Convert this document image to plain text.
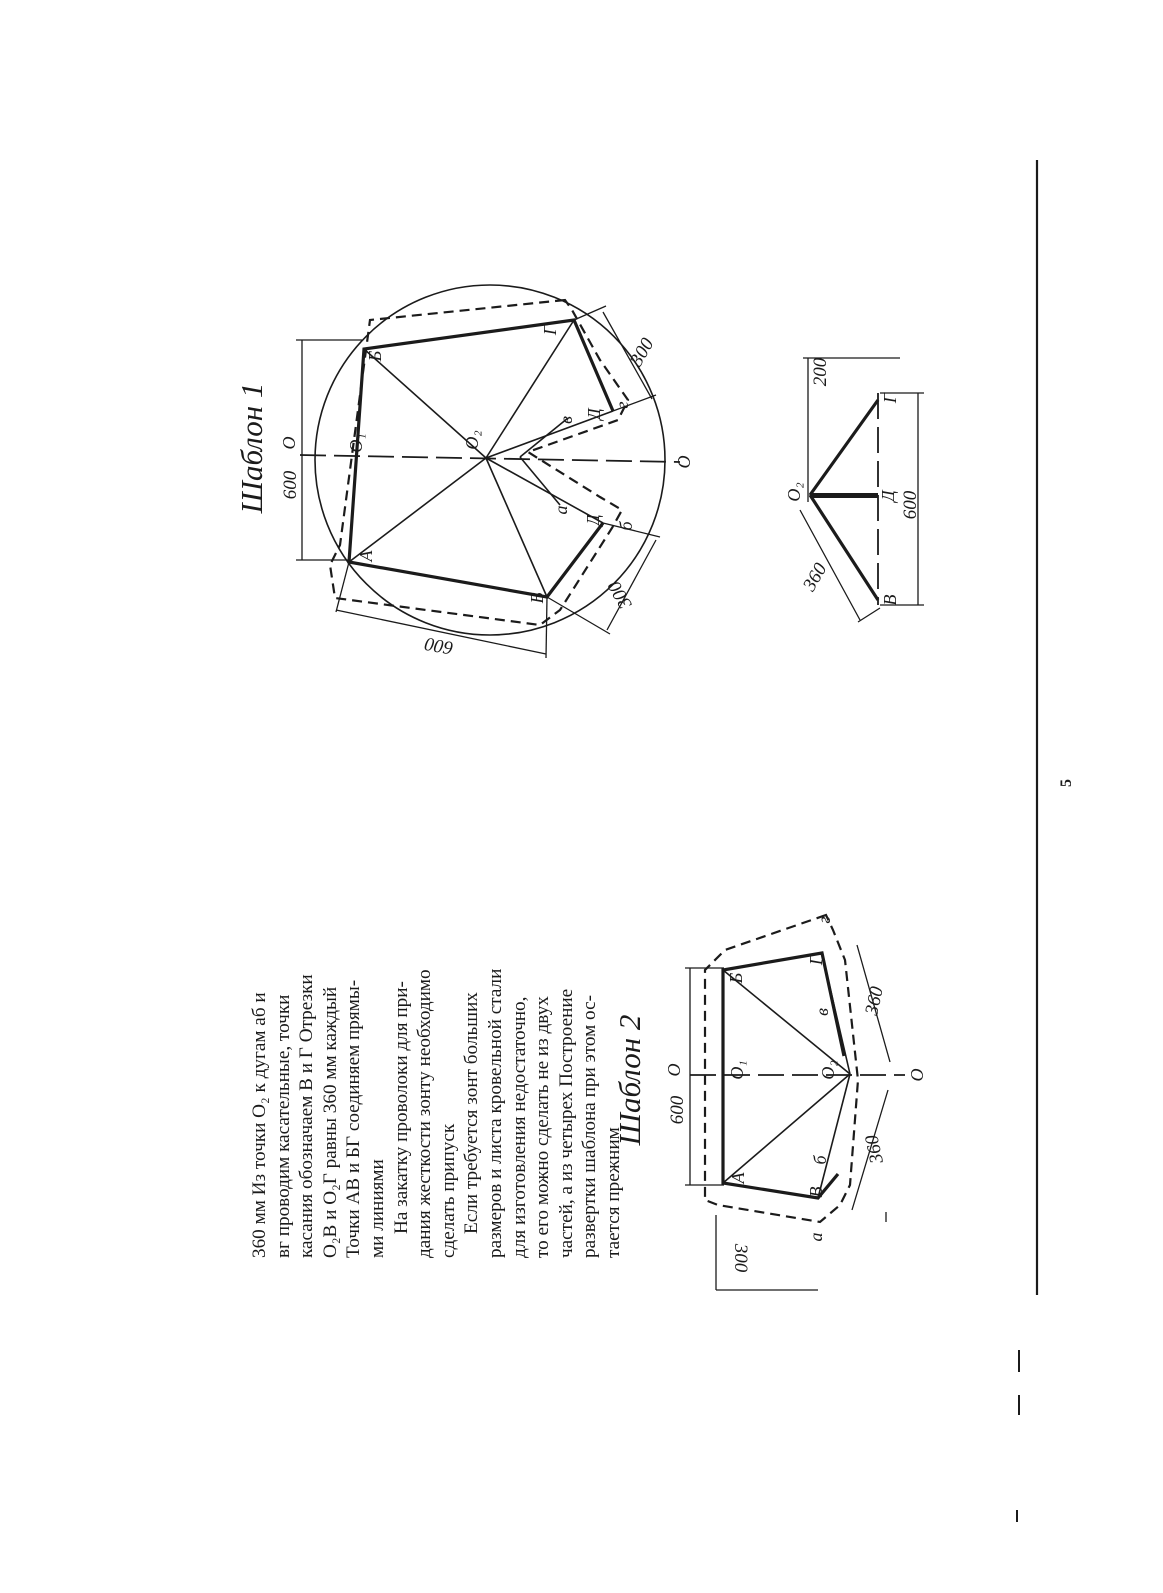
600
600
300
300
О
О
O₁	O₂
А
Б
В
Г
в
Д
г
а
Д
б
Шаблон 1
200
600
360
O₂	Д
В
Г
600
300
360
360
О	О
O₁	O₂
А
Б
В
Г
в
г
б
а
Шаблон 2

360 мм Из точки O₂ к дугам аб и вг проводим касательные, точки касания обозначаем В и Г Отрезки O₂В и O₂Г равны 360 мм каждый Точки АВ и БГ соединяем прямы- ми линиями На закатку проволоки для при- дания жесткости зонту необходимо сделать припуск Если требуется зонт больших размеров и листа кровельной стали для изготовления недостаточно, то его можно сделать не из двух частей, а из четырех Построение развертки шаблона при этом ос- тается прежним

5
